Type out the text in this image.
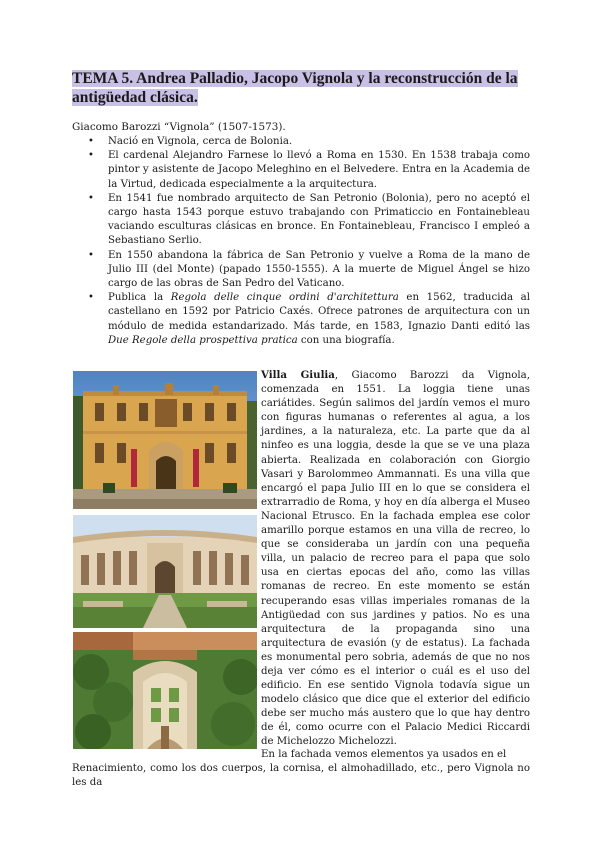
TEMA 5. Andrea Palladio, Jacopo Vignola y la reconstrucción de la antigüedad clásica.
Giacomo Barozzi “Vignola” (1507-1573).
• Nació en Vignola, cerca de Bolonia.
• El cardenal Alejandro Farnese lo llevó a Roma en 1530. En 1538 trabaja como pintor y asistente de Jacopo Meleghino en el Belvedere. Entra en la Academia de la Virtud, dedicada especialmente a la arquitectura.
• En 1541 fue nombrado arquitecto de San Petronio (Bolonia), pero no aceptó el cargo hasta 1543 porque estuvo trabajando con Primaticcio en Fontainebleau vaciando esculturas clásicas en bronce. En Fontainebleau, Francisco I empleó a Sebastiano Serlio.
• En 1550 abandona la fábrica de San Petronio y vuelve a Roma de la mano de Julio III (del Monte) (papado 1550-1555). A la muerte de Miguel Ángel se hizo cargo de las obras de San Pedro del Vaticano.
• Publica la Regola delle cinque ordini d'architettura en 1562, traducida al castellano en 1592 por Patricio Caxés. Ofrece patrones de arquitectura con un módulo de medida estandarizado. Más tarde, en 1583, Ignazio Danti editó las Due Regole della prospettiva pratica con una biografía.
Villa Giulia, Giacomo Barozzi da Vignola, comenzada en 1551. La loggia tiene unas cariátides. Según salimos del jardín vemos el muro con figuras humanas o referentes al agua, a los jardines, a la naturaleza, etc. La parte que da al ninfeo es una loggia, desde la que se ve una plaza abierta. Realizada en colaboración con Giorgio Vasari y Barolommeo Ammannati. Es una villa que encargó el papa Julio III en lo que se considera el extrarradio de Roma, y hoy en día alberga el Museo Nacional Etrusco. En la fachada emplea ese color amarillo porque estamos en una villa de recreo, lo que se consideraba un jardín con una pequeña villa, un palacio de recreo para el papa que solo usa en ciertas epocas del año, como las villas romanas de recreo. En este momento se están recuperando esas villas imperiales romanas de la Antigüedad con sus jardines y patios. No es una arquitectura de la propaganda sino una arquitectura de evasión (y de estatus). La fachada es monumental pero sobria, además de que no nos deja ver cómo es el interior o cuál es el uso del edificio. En ese sentido Vignola todavía sigue un modelo clásico que dice que el exterior del edificio debe ser mucho más austero que lo que hay dentro de él, como ocurre con el Palacio Medici Riccardi de Michelozzo Michelozzi.
En la fachada vemos elementos ya usados en el
Renacimiento, como los dos cuerpos, la cornisa, el almohadillado, etc., pero Vignola no les da
